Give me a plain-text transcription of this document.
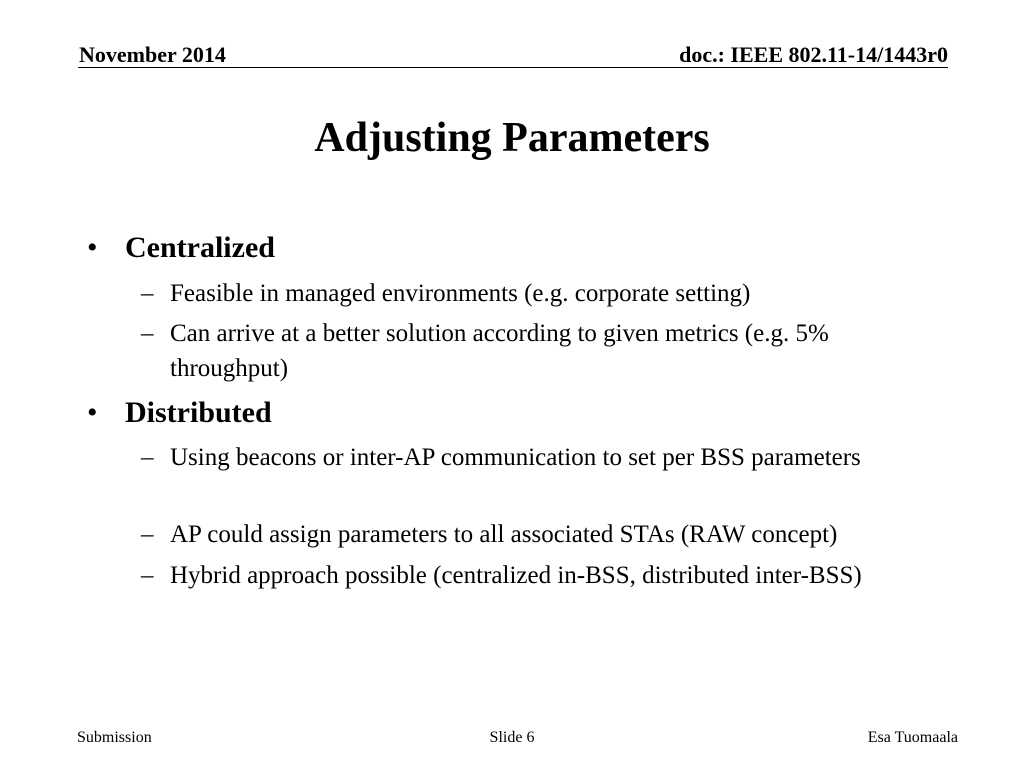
November 2014	doc.: IEEE 802.11-14/1443r0
Adjusting Parameters
• Centralized
– Feasible in managed environments (e.g. corporate setting)
– Can arrive at a better solution according to given metrics (e.g. 5% throughput)
• Distributed
– Using beacons or inter-AP communication to set per BSS parameters
– AP could assign parameters to all associated STAs (RAW concept)
– Hybrid approach possible (centralized in-BSS, distributed inter-BSS)
Submission	Slide 6	Esa Tuomaala
